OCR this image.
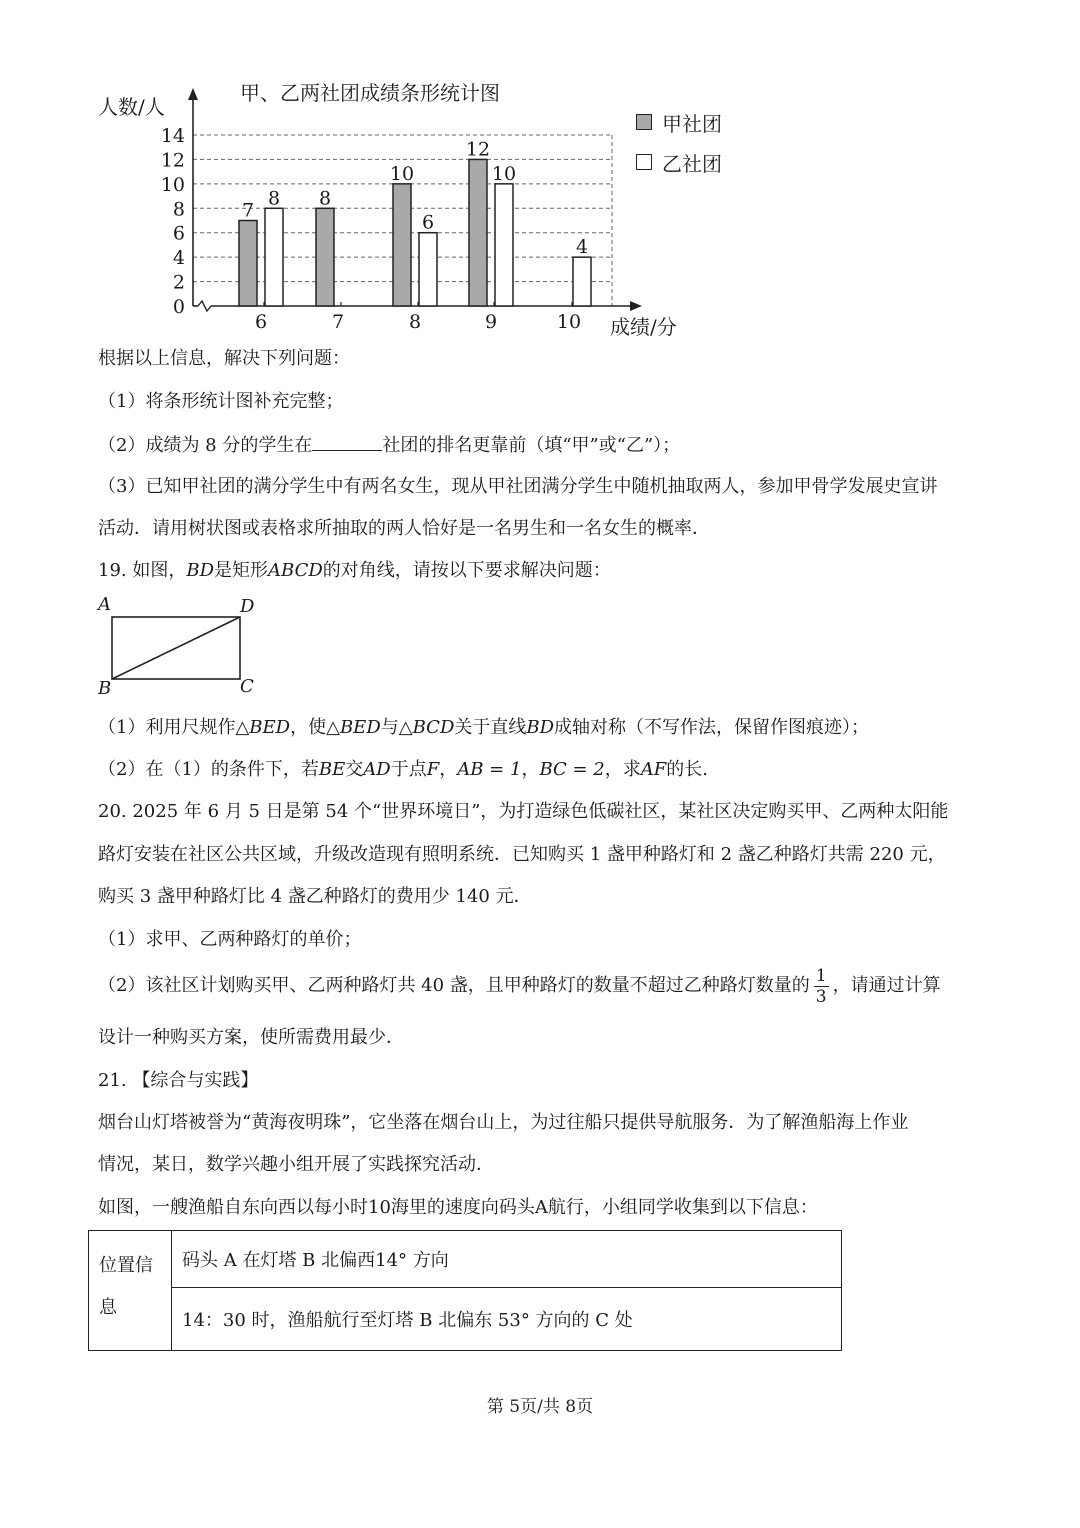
甲、乙两社团成绩条形统计图
人数/人
0
2
4
6
8
10
12
14
成绩/分
6
7
8
7
8
8
10
6
9
12
10
10
4
甲社团
乙社团
根据以上信息，解决下列问题：
（1）将条形统计图补充完整；
（2）成绩为 8 分的学生在	社团的排名更靠前（填“甲”或“乙”）；
（3）已知甲社团的满分学生中有两名女生，现从甲社团满分学生中随机抽取两人，参加甲骨学发展史宣讲
活动．请用树状图或表格求所抽取的两人恰好是一名男生和一名女生的概率．
19. 如图，BD是矩形ABCD的对角线，请按以下要求解决问题：
A	D
B	C
（1）利用尺规作△BED，使△BED与△BCD关于直线BD成轴对称（不写作法，保留作图痕迹）；
（2）在（1）的条件下，若BE交AD于点F，AB = 1，BC = 2，求AF的长.
20. 2025 年 6 月 5 日是第 54 个“世界环境日”，为打造绿色低碳社区，某社区决定购买甲、乙两种太阳能
路灯安装在社区公共区域，升级改造现有照明系统．已知购买 1 盏甲种路灯和 2 盏乙种路灯共需 220 元，
购买 3 盏甲种路灯比 4 盏乙种路灯的费用少 140 元．
（1）求甲、乙两种路灯的单价；
（2）该社区计划购买甲、乙两种路灯共 40 盏，且甲种路灯的数量不超过乙种路灯数量的 $\frac{1}{3}$ ，请通过计算
设计一种购买方案，使所需费用最少．
21. 【综合与实践】
烟台山灯塔被誉为“黄海夜明珠”，它坐落在烟台山上，为过往船只提供导航服务．为了解渔船海上作业
情况，某日，数学兴趣小组开展了实践探究活动．
如图，一艘渔船自东向西以每小时10海里的速度向码头A航行，小组同学收集到以下信息：
位置信息	码头 A 在灯塔 B 北偏西14° 方向
14：30 时，渔船航行至灯塔 B 北偏东 53° 方向的 C 处
第 5页/共 8页
